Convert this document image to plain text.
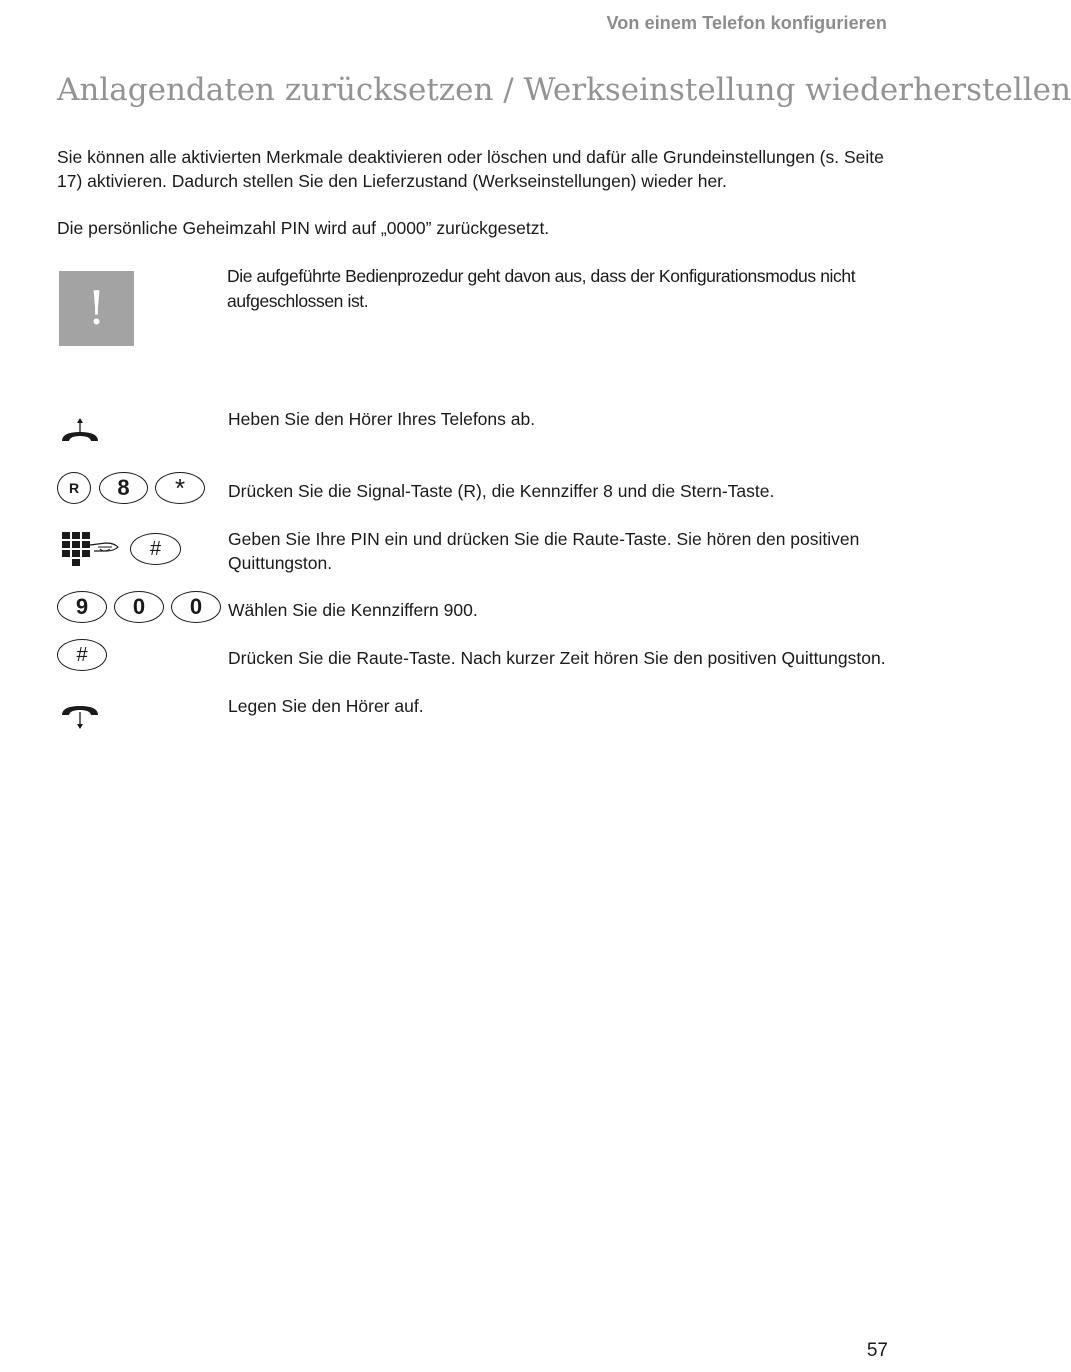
Von einem Telefon konfigurieren
Anlagendaten zurücksetzen / Werkseinstellung wiederherstellen

Sie können alle aktivierten Merkmale deaktivieren oder löschen und dafür alle Grundeinstellungen (s. Seite 17) aktivieren. Dadurch stellen Sie den Lieferzustand (Werkseinstellungen) wieder her.

Die persönliche Geheimzahl PIN wird auf „0000” zurückgesetzt.

!

Die aufgeführte Bedienprozedur geht davon aus, dass der Konfigurationsmodus nicht aufgeschlossen ist.

Heben Sie den Hörer Ihres Telefons ab.

R	8	*	Drücken Sie die Signal-Taste (R), die Kennziffer 8 und die Stern-Taste.

#	Geben Sie Ihre PIN ein und drücken Sie die Raute-Taste. Sie hören den positiven Quittungston.

9	0	0	Wählen Sie die Kennziffern 900.

#	Drücken Sie die Raute-Taste. Nach kurzer Zeit hören Sie den positiven Quittungston.

Legen Sie den Hörer auf.

57
